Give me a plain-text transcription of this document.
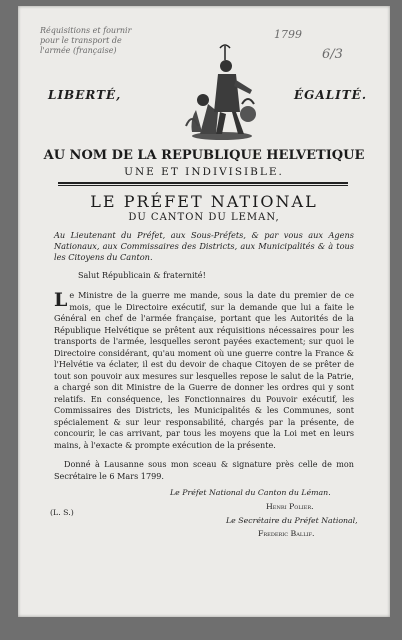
Réquisitions et fournir
pour le transport de
l'armée (française)
1799
6/3
LIBERTÉ,	ÉGALITÉ.
AU NOM DE LA REPUBLIQUE HELVETIQUE
UNE ET INDIVISIBLE.
LE PRÉFET NATIONAL
DU CANTON DU LEMAN,
Au Lieutenant du Préfet, aux Sous-Préfets, & par vous aux Agens Nationaux, aux Commissaires des Districts, aux Municipalités & à tous les Citoyens du Canton.
Salut Républicain & fraternité!
Le Ministre de la guerre me mande, sous la date du premier de ce mois, que le Directoire exécutif, sur la demande que lui a faite le Général en chef de l'armée française, portant que les Autorités de la République Helvétique se prêtent aux réquisitions nécessaires pour les transports de l'armée, lesquelles seront payées exactement; sur quoi le Directoire considérant, qu'au moment où une guerre contre la France & l'Helvétie va éclater, il est du devoir de chaque Citoyen de se prêter de tout son pouvoir aux mesures sur lesquelles repose le salut de la Patrie, a chargé son dit Ministre de la Guerre de donner les ordres qui y sont relatifs. En conséquence, les Fonctionnaires du Pouvoir exécutif, les Commissaires des Districts, les Municipalités & les Communes, sont spécialement & sur leur responsabilité, chargés par la présente, de concourir, le cas arrivant, par tous les moyens que la Loi met en leurs mains, à l'exacte & prompte exécution de la présente.
Donné à Lausanne sous mon sceau & signature près celle de mon Secrétaire le 6 Mars 1799.
(L. S.)
Le Préfet National du Canton du Léman.
Henri Polier.
Le Secrétaire du Préfet National,
Frederic Ballif.
